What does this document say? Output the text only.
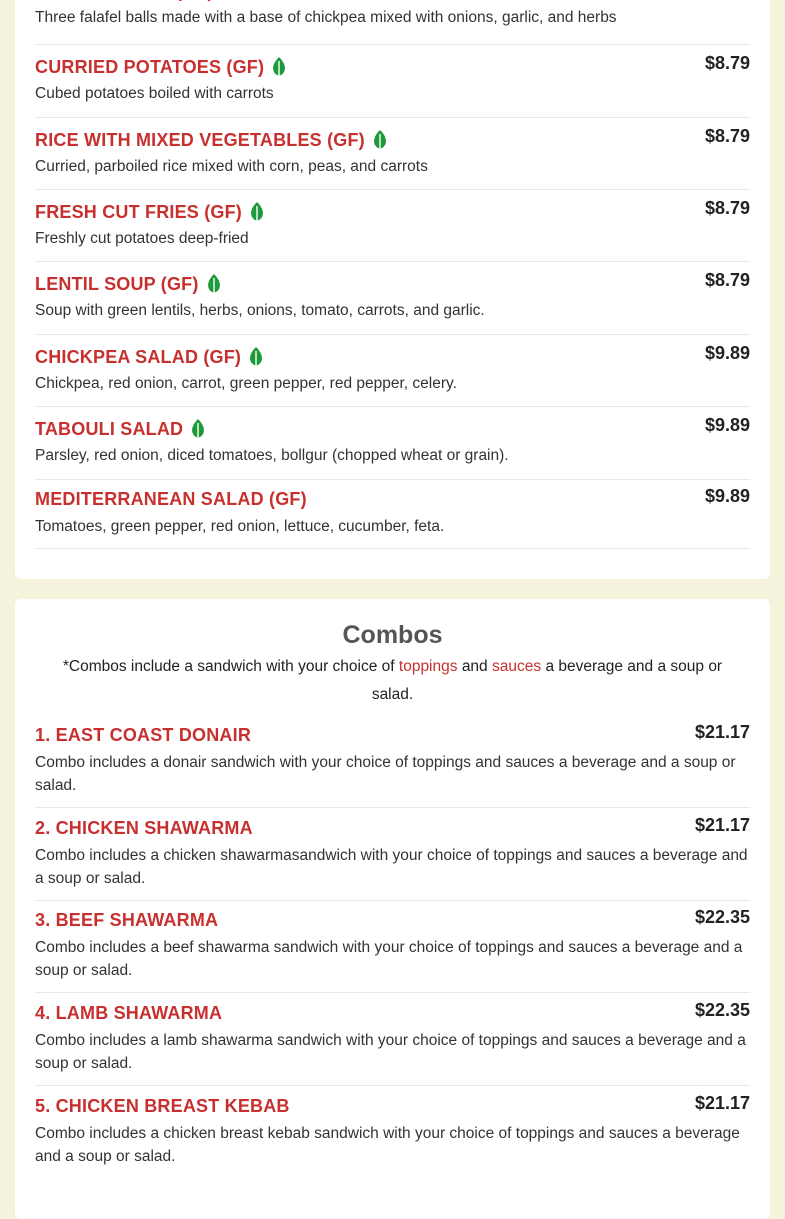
Three falafel balls made with a base of chickpea mixed with onions, garlic, and herbs
CURRIED POTATOES (GF)	$8.79
Cubed potatoes boiled with carrots
RICE WITH MIXED VEGETABLES (GF)	$8.79
Curried, parboiled rice mixed with corn, peas, and carrots
FRESH CUT FRIES (GF)	$8.79
Freshly cut potatoes deep-fried
LENTIL SOUP (GF)	$8.79
Soup with green lentils, herbs, onions, tomato, carrots, and garlic.
CHICKPEA SALAD (GF)	$9.89
Chickpea, red onion, carrot, green pepper, red pepper, celery.
TABOULI SALAD	$9.89
Parsley, red onion, diced tomatoes, bollgur (chopped wheat or grain).
MEDITERRANEAN SALAD (GF)	$9.89
Tomatoes, green pepper, red onion, lettuce, cucumber, feta.
Combos
*Combos include a sandwich with your choice of toppings and sauces a beverage and a soup or salad.
1. EAST COAST DONAIR	$21.17
Combo includes a donair sandwich with your choice of toppings and sauces a beverage and a soup or salad.
2. CHICKEN SHAWARMA	$21.17
Combo includes a chicken shawarmasandwich with your choice of toppings and sauces a beverage and a soup or salad.
3. BEEF SHAWARMA	$22.35
Combo includes a beef shawarma sandwich with your choice of toppings and sauces a beverage and a soup or salad.
4. LAMB SHAWARMA	$22.35
Combo includes a lamb shawarma sandwich with your choice of toppings and sauces a beverage and a soup or salad.
5. CHICKEN BREAST KEBAB	$21.17
Combo includes a chicken breast kebab sandwich with your choice of toppings and sauces a beverage and a soup or salad.
